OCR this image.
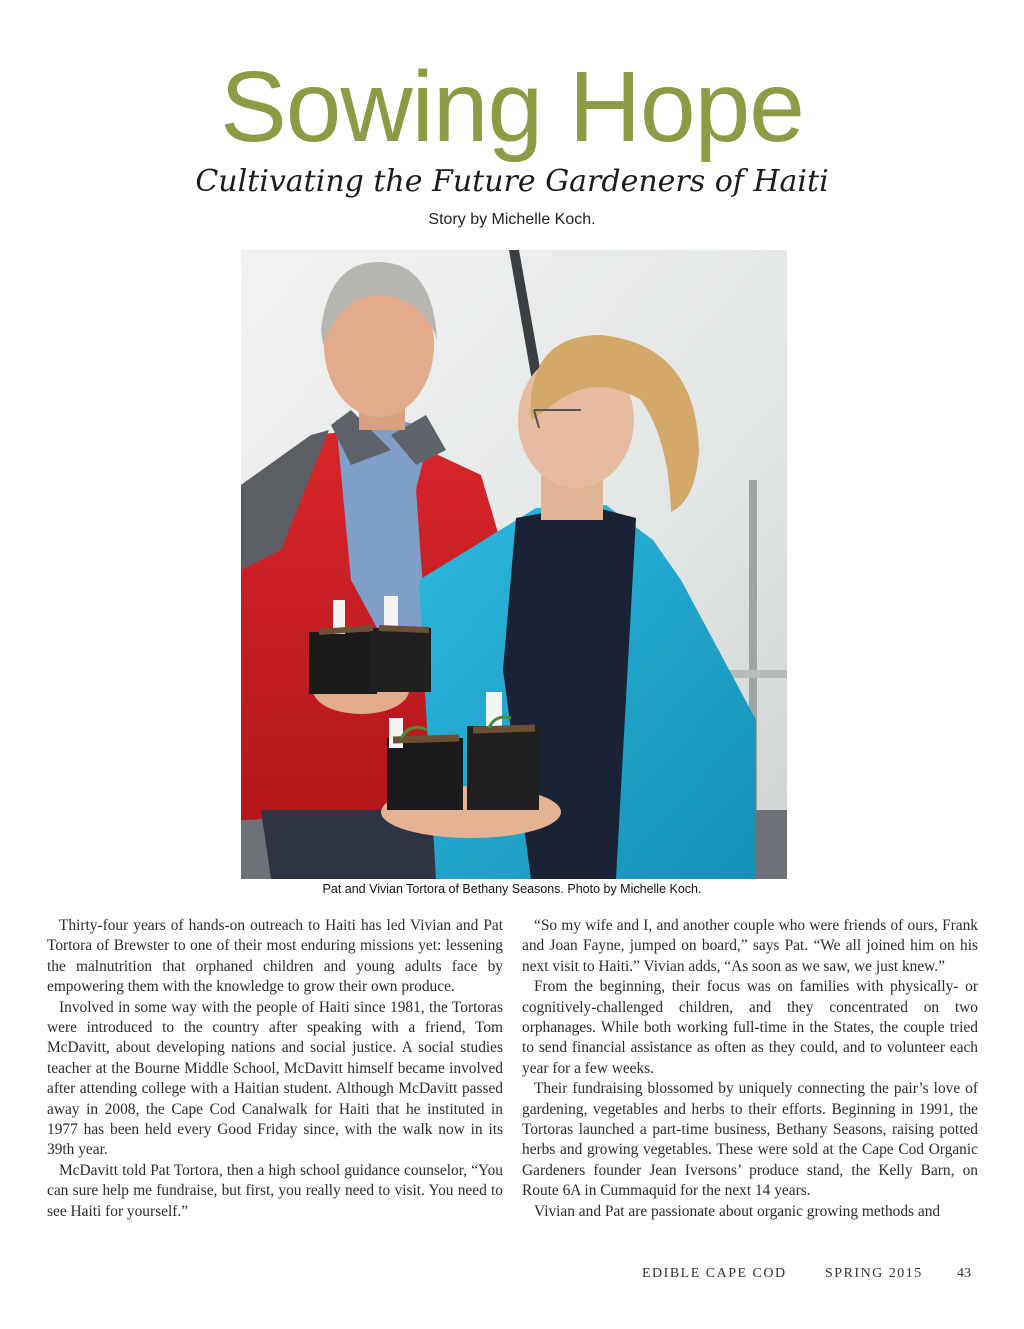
Sowing Hope
Cultivating the Future Gardeners of Haiti
Story by Michelle Koch.
Pat and Vivian Tortora of Bethany Seasons. Photo by Michelle Koch.

Thirty-four years of hands-on outreach to Haiti has led Vivian and Pat Tortora of Brewster to one of their most enduring missions yet: lessening the malnutrition that orphaned children and young adults face by empowering them with the knowledge to grow their own produce.

Involved in some way with the people of Haiti since 1981, the Tortoras were introduced to the country after speaking with a friend, Tom McDavitt, about developing nations and social justice. A social studies teacher at the Bourne Middle School, McDavitt himself became involved after attending college with a Haitian student. Although McDavitt passed away in 2008, the Cape Cod Canalwalk for Haiti that he instituted in 1977 has been held every Good Friday since, with the walk now in its 39th year.

McDavitt told Pat Tortora, then a high school guidance counselor, “You can sure help me fundraise, but first, you really need to visit. You need to see Haiti for yourself.”

“So my wife and I, and another couple who were friends of ours, Frank and Joan Fayne, jumped on board,” says Pat. “We all joined him on his next visit to Haiti.” Vivian adds, “As soon as we saw, we just knew.”

From the beginning, their focus was on families with physically- or cognitively-challenged children, and they concentrated on two orphanages. While both working full-time in the States, the couple tried to send financial assistance as often as they could, and to volunteer each year for a few weeks.

Their fundraising blossomed by uniquely connecting the pair’s love of gardening, vegetables and herbs to their efforts. Beginning in 1991, the Tortoras launched a part-time business, Bethany Seasons, raising potted herbs and growing vegetables. These were sold at the Cape Cod Organic Gardeners founder Jean Iversons’ produce stand, the Kelly Barn, on Route 6A in Cummaquid for the next 14 years.

Vivian and Pat are passionate about organic growing methods and

EDIBLE CAPE COD	SPRING 2015 43
